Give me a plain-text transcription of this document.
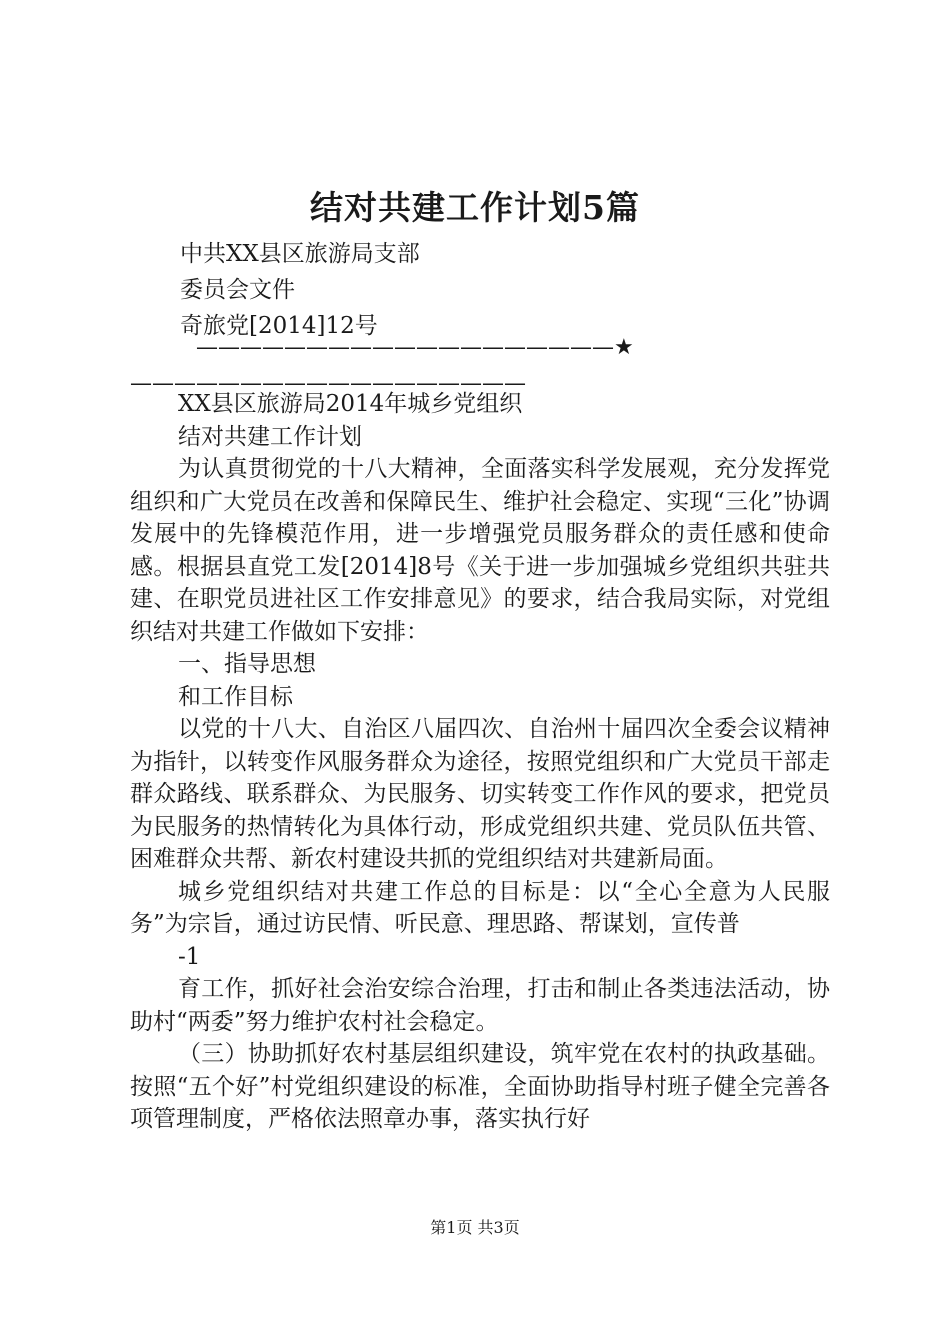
结对共建工作计划5篇
中共XX县区旅游局支部
委员会文件
奇旅党[2014]12号
———————————————————★——————————————————

XX县区旅游局2014年城乡党组织

结对共建工作计划

为认真贯彻党的十八大精神，全面落实科学发展观，充分发挥党组织和广大党员在改善和保障民生、维护社会稳定、实现“三化”协调发展中的先锋模范作用，进一步增强党员服务群众的责任感和使命感。根据县直党工发[2014]8号《关于进一步加强城乡党组织共驻共建、在职党员进社区工作安排意见》的要求，结合我局实际，对党组织结对共建工作做如下安排：

一、指导思想

和工作目标

以党的十八大、自治区八届四次、自治州十届四次全委会议精神为指针，以转变作风服务群众为途径，按照党组织和广大党员干部走群众路线、联系群众、为民服务、切实转变工作作风的要求，把党员为民服务的热情转化为具体行动，形成党组织共建、党员队伍共管、困难群众共帮、新农村建设共抓的党组织结对共建新局面。

城乡党组织结对共建工作总的目标是：以“全心全意为人民服务”为宗旨，通过访民情、听民意、理思路、帮谋划，宣传普

-1

育工作，抓好社会治安综合治理，打击和制止各类违法活动，协助村“两委”努力维护农村社会稳定。

（三）协助抓好农村基层组织建设，筑牢党在农村的执政基础。按照“五个好”村党组织建设的标准，全面协助指导村班子健全完善各项管理制度，严格依法照章办事，落实执行好

第1页 共3页
